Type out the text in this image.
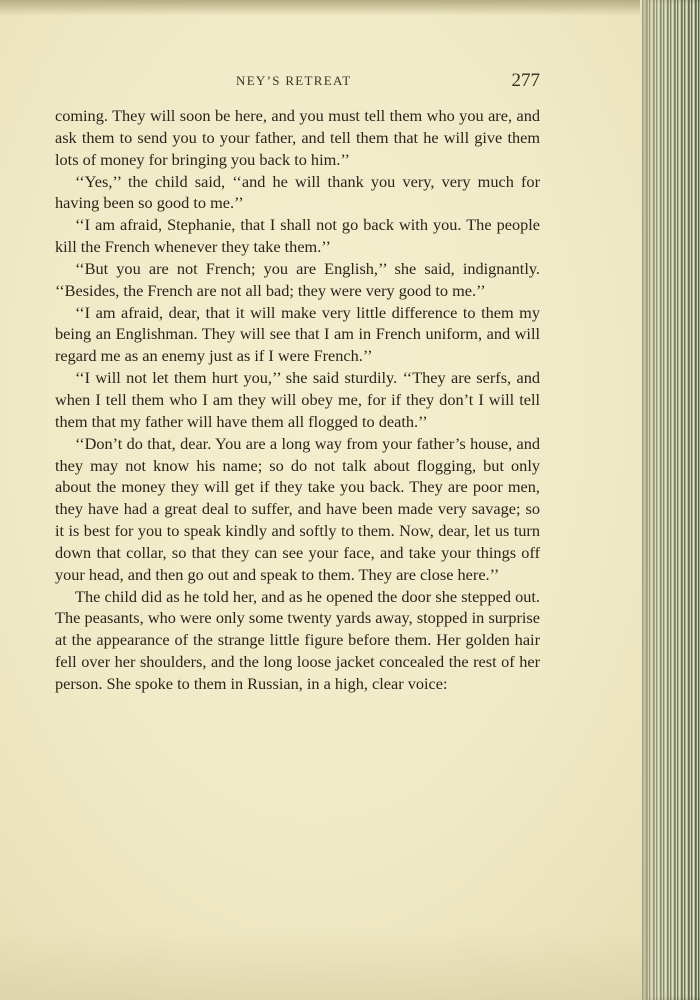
NEY’S RETREAT	277

coming. They will soon be here, and you must tell them who you are, and ask them to send you to your father, and tell them that he will give them lots of money for bringing you back to him.’’

‘‘Yes,’’ the child said, ‘‘and he will thank you very, very much for having been so good to me.’’

‘‘I am afraid, Stephanie, that I shall not go back with you. The people kill the French whenever they take them.’’

‘‘But you are not French; you are English,’’ she said, indignantly. ‘‘Besides, the French are not all bad; they were very good to me.’’

‘‘I am afraid, dear, that it will make very little difference to them my being an Englishman. They will see that I am in French uniform, and will regard me as an enemy just as if I were French.’’

‘‘I will not let them hurt you,’’ she said sturdily. ‘‘They are serfs, and when I tell them who I am they will obey me, for if they don’t I will tell them that my father will have them all flogged to death.’’

‘‘Don’t do that, dear. You are a long way from your father’s house, and they may not know his name; so do not talk about flogging, but only about the money they will get if they take you back. They are poor men, they have had a great deal to suffer, and have been made very savage; so it is best for you to speak kindly and softly to them. Now, dear, let us turn down that collar, so that they can see your face, and take your things off your head, and then go out and speak to them. They are close here.’’

The child did as he told her, and as he opened the door she stepped out. The peasants, who were only some twenty yards away, stopped in surprise at the appearance of the strange little figure before them. Her golden hair fell over her shoulders, and the long loose jacket concealed the rest of her person. She spoke to them in Russian, in a high, clear voice:
